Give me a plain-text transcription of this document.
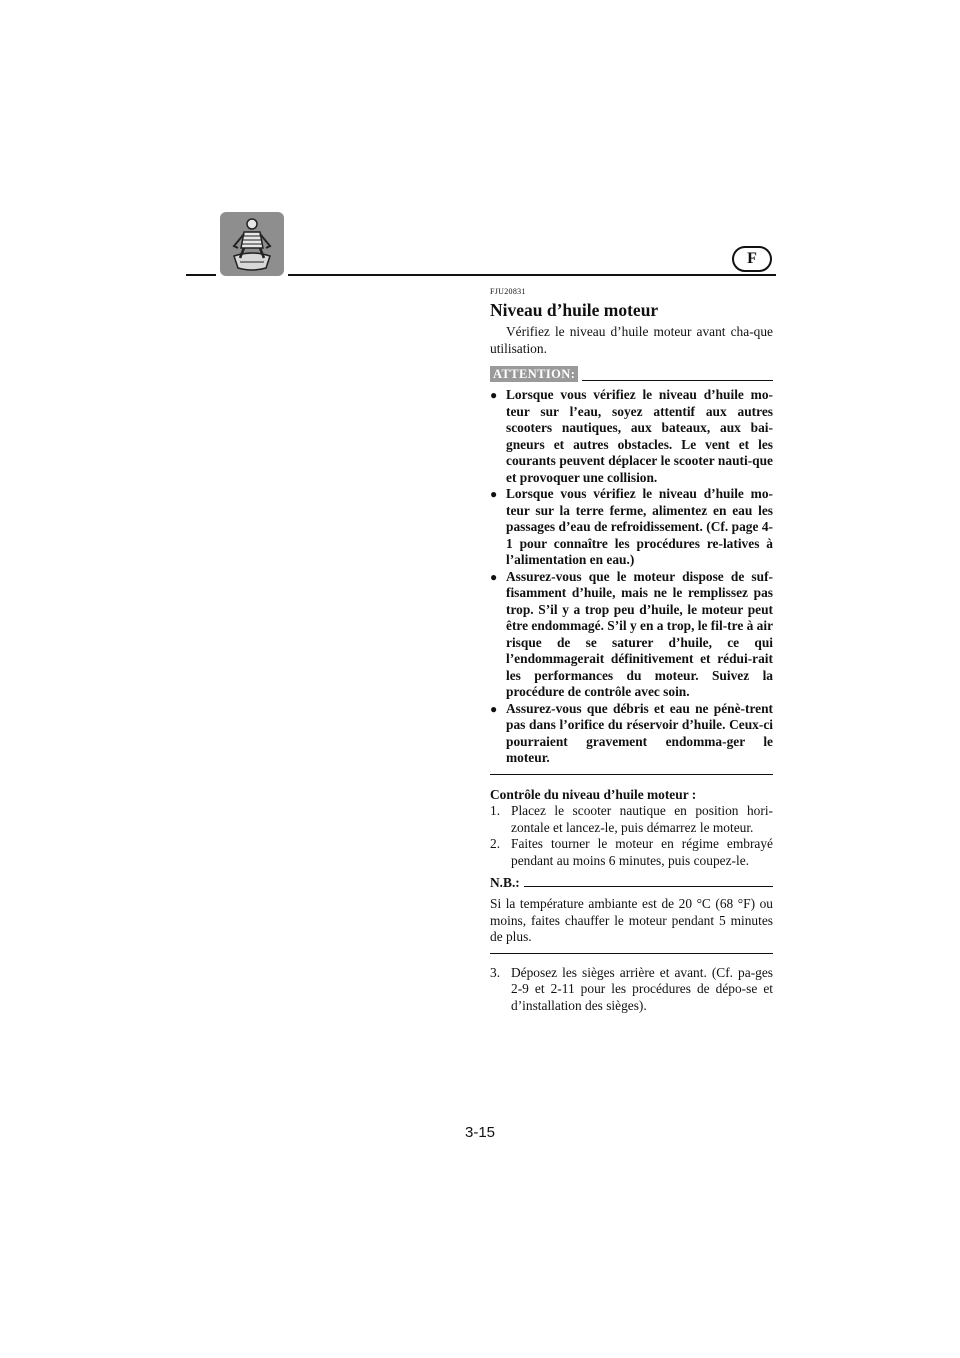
F
FJU20831
Niveau d’huile moteur

Vérifiez le niveau d’huile moteur avant cha-que utilisation.

ATTENTION:
● Lorsque vous vérifiez le niveau d’huile mo-teur sur l’eau, soyez attentif aux autres scooters nautiques, aux bateaux, aux bai-gneurs et autres obstacles. Le vent et les courants peuvent déplacer le scooter nauti-que et provoquer une collision.
● Lorsque vous vérifiez le niveau d’huile mo-teur sur la terre ferme, alimentez en eau les passages d’eau de refroidissement. (Cf. page 4-1 pour connaître les procédures re-latives à l’alimentation en eau.)
● Assurez-vous que le moteur dispose de suf-fisamment d’huile, mais ne le remplissez pas trop. S’il y a trop peu d’huile, le moteur peut être endommagé. S’il y en a trop, le fil-tre à air risque de se saturer d’huile, ce qui l’endommagerait définitivement et rédui-rait les performances du moteur. Suivez la procédure de contrôle avec soin.
● Assurez-vous que débris et eau ne pénè-trent pas dans l’orifice du réservoir d’huile. Ceux-ci pourraient gravement endomma-ger le moteur.
Contrôle du niveau d’huile moteur :
1. Placez le scooter nautique en position hori-zontale et lancez-le, puis démarrez le moteur.
2. Faites tourner le moteur en régime embrayé pendant au moins 6 minutes, puis coupez-le.
N.B.:

Si la température ambiante est de 20 °C (68 °F) ou moins, faites chauffer le moteur pendant 5 minutes de plus.

3. Déposez les sièges arrière et avant. (Cf. pa-ges 2-9 et 2-11 pour les procédures de dépo-se et d’installation des sièges).
3-15
